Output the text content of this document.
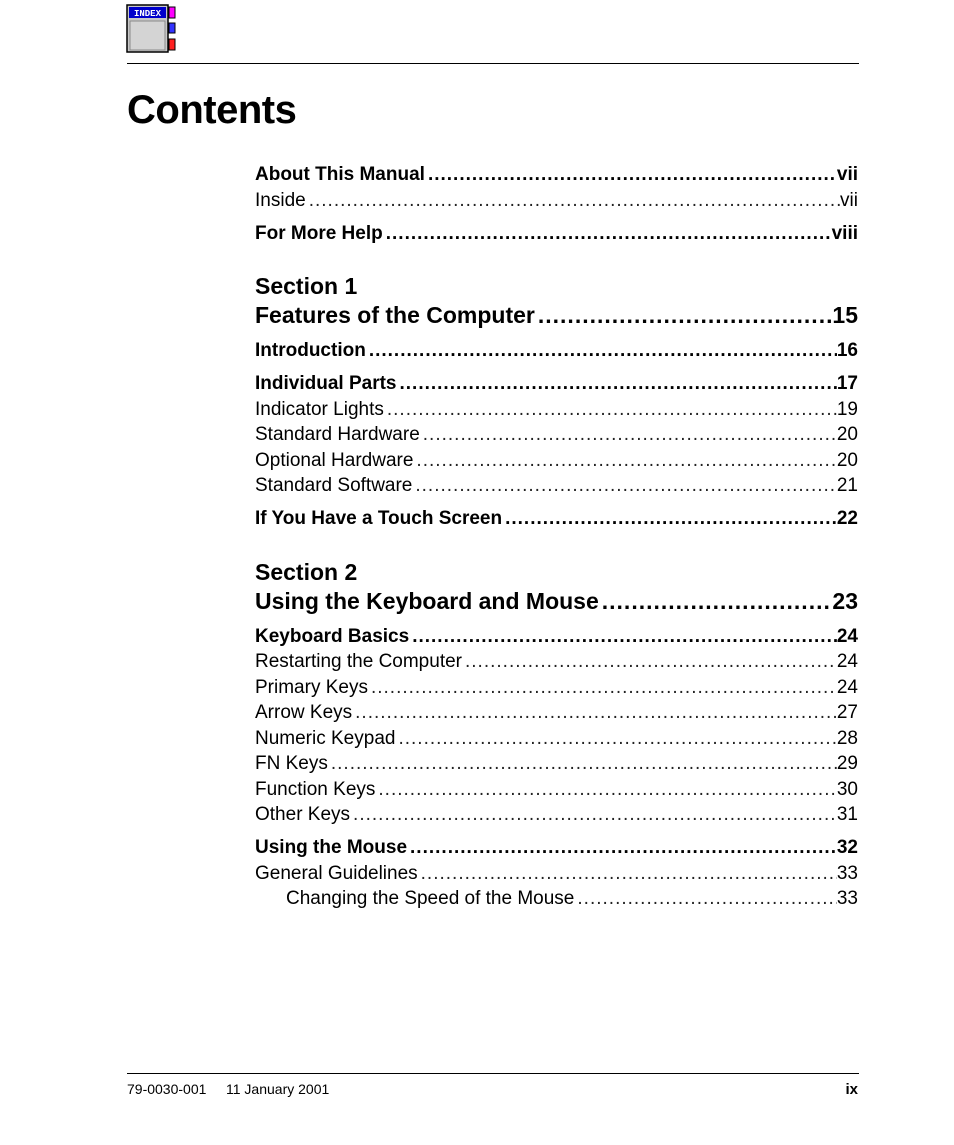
INDEX
Contents
About This Manual .....	vii
Inside .....	vii
For More Help .....	viii
Section 1
Features of the Computer .....	15
Introduction .....	16
Individual Parts .....	17
Indicator Lights .....	19
Standard Hardware .....	20
Optional Hardware .....	20
Standard Software .....	21
If You Have a Touch Screen .....	22
Section 2
Using the Keyboard and Mouse .....	23
Keyboard Basics .....	24
Restarting the Computer .....	24
Primary Keys .....	24
Arrow Keys .....	27
Numeric Keypad .....	28
FN Keys .....	29
Function Keys .....	30
Other Keys .....	31
Using the Mouse .....	32
General Guidelines .....	33
Changing the Speed of the Mouse .....	33
79-0030-001 11 January 2001	ix
